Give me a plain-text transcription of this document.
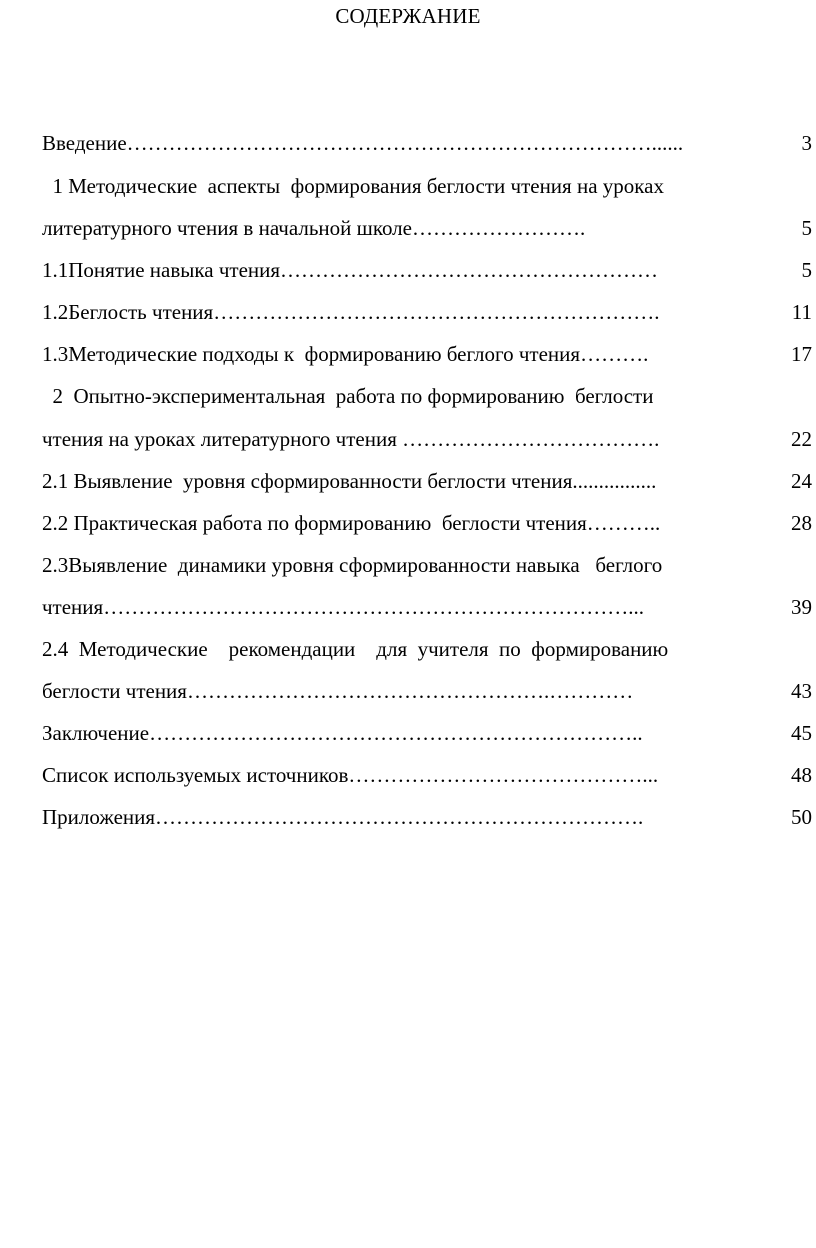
СОДЕРЖАНИЕ
Введение…………………………………………………………………......	3
1 Методические  аспекты  формирования беглости чтения на уроках
литературного чтения в начальной школе…………………….	5
1.1Понятие навыка чтения………………………………………………	5
1.2Беглость чтения……………………………………………………….	11
1.3Методические подходы к  формированию беглого чтения……….	17
2  Опытно-экспериментальная  работа по формированию  беглости
чтения на уроках литературного чтения ……………………………….	22
2.1 Выявление  уровня сформированности беглости чтения................	24
2.2 Практическая работа по формированию  беглости чтения………..	28
2.3Выявление  динамики уровня сформированности навыка   беглого
чтения…………………………………………………………………...	39
2.4  Методические    рекомендации    для  учителя  по  формированию
беглости чтения…………………………………………….…………	43
Заключение……………………………………………………………..	45
Список используемых источников……………………………………...	48
Приложения…………………………………………………………….	50
